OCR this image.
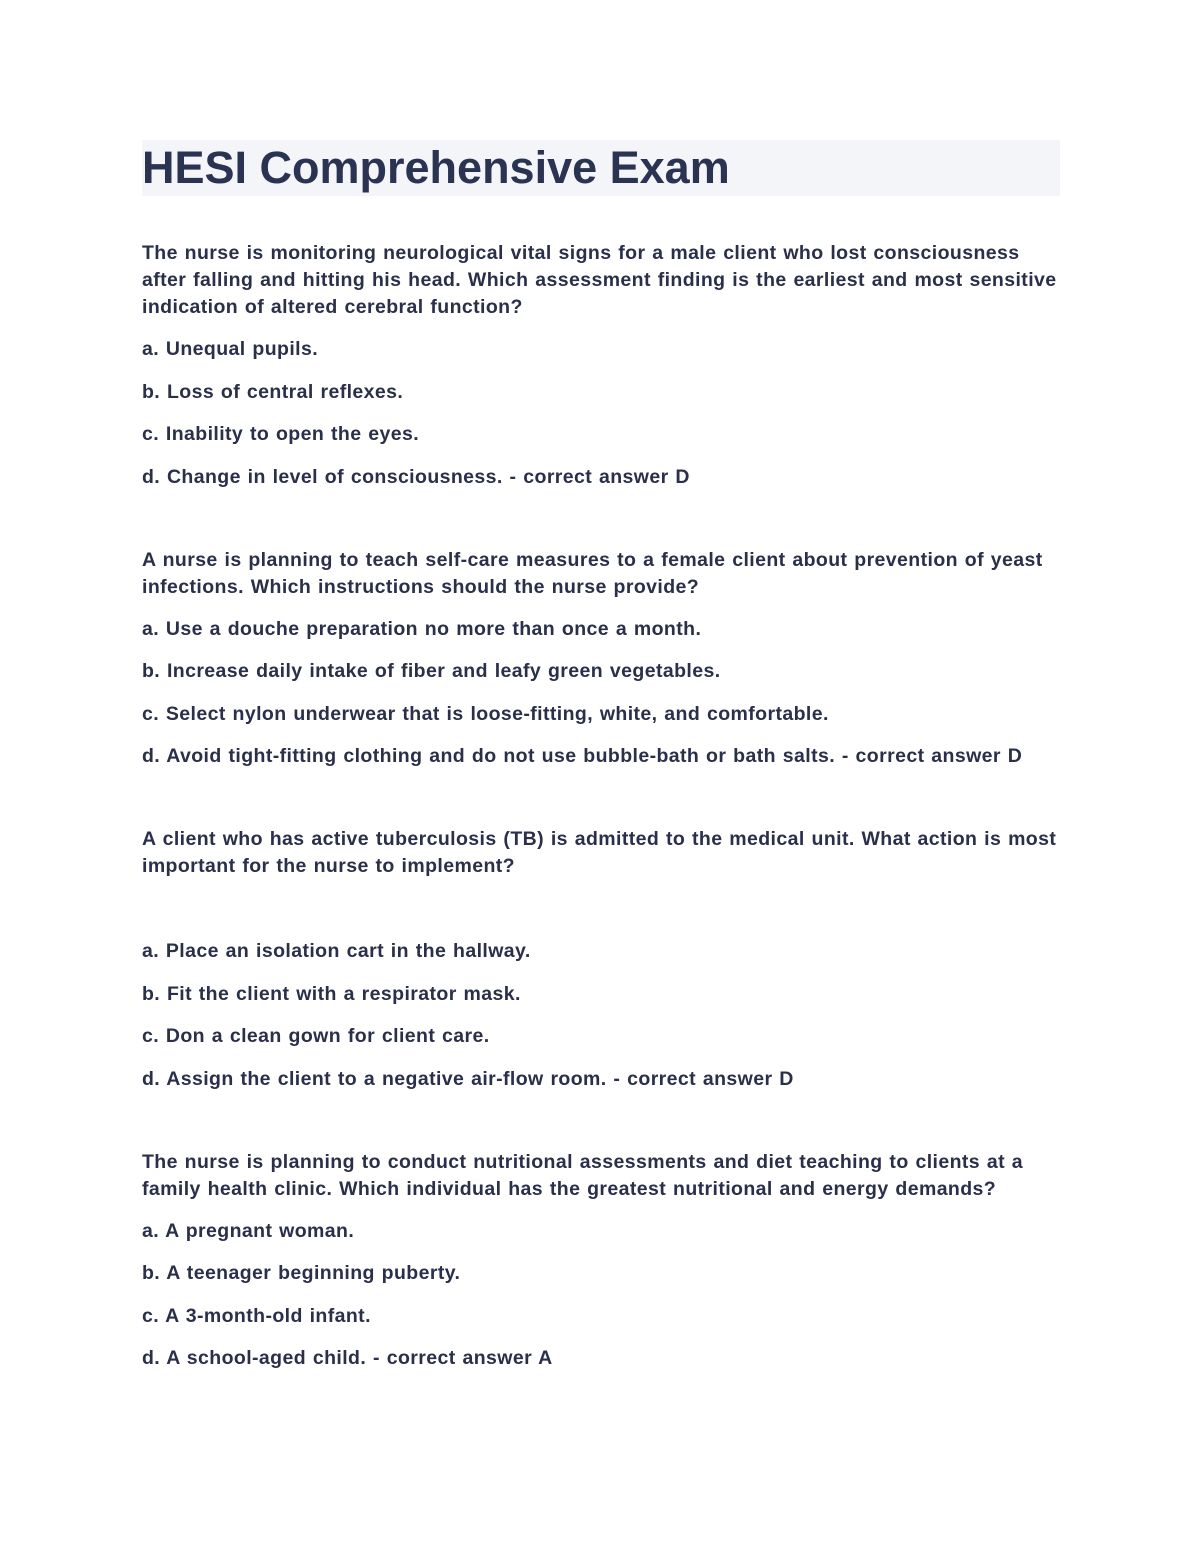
HESI Comprehensive Exam

The nurse is monitoring neurological vital signs for a male client who lost consciousness after falling and hitting his head. Which assessment finding is the earliest and most sensitive indication of altered cerebral function?

a. Unequal pupils.

b. Loss of central reflexes.

c. Inability to open the eyes.

d. Change in level of consciousness. - correct answer D

A nurse is planning to teach self-care measures to a female client about prevention of yeast infections. Which instructions should the nurse provide?

a. Use a douche preparation no more than once a month.

b. Increase daily intake of fiber and leafy green vegetables.

c. Select nylon underwear that is loose-fitting, white, and comfortable.

d. Avoid tight-fitting clothing and do not use bubble-bath or bath salts. - correct answer D

A client who has active tuberculosis (TB) is admitted to the medical unit. What action is most important for the nurse to implement?

a. Place an isolation cart in the hallway.

b. Fit the client with a respirator mask.

c. Don a clean gown for client care.

d. Assign the client to a negative air-flow room. - correct answer D

The nurse is planning to conduct nutritional assessments and diet teaching to clients at a family health clinic. Which individual has the greatest nutritional and energy demands?

a. A pregnant woman.

b. A teenager beginning puberty.

c. A 3-month-old infant.

d. A school-aged child. - correct answer A
